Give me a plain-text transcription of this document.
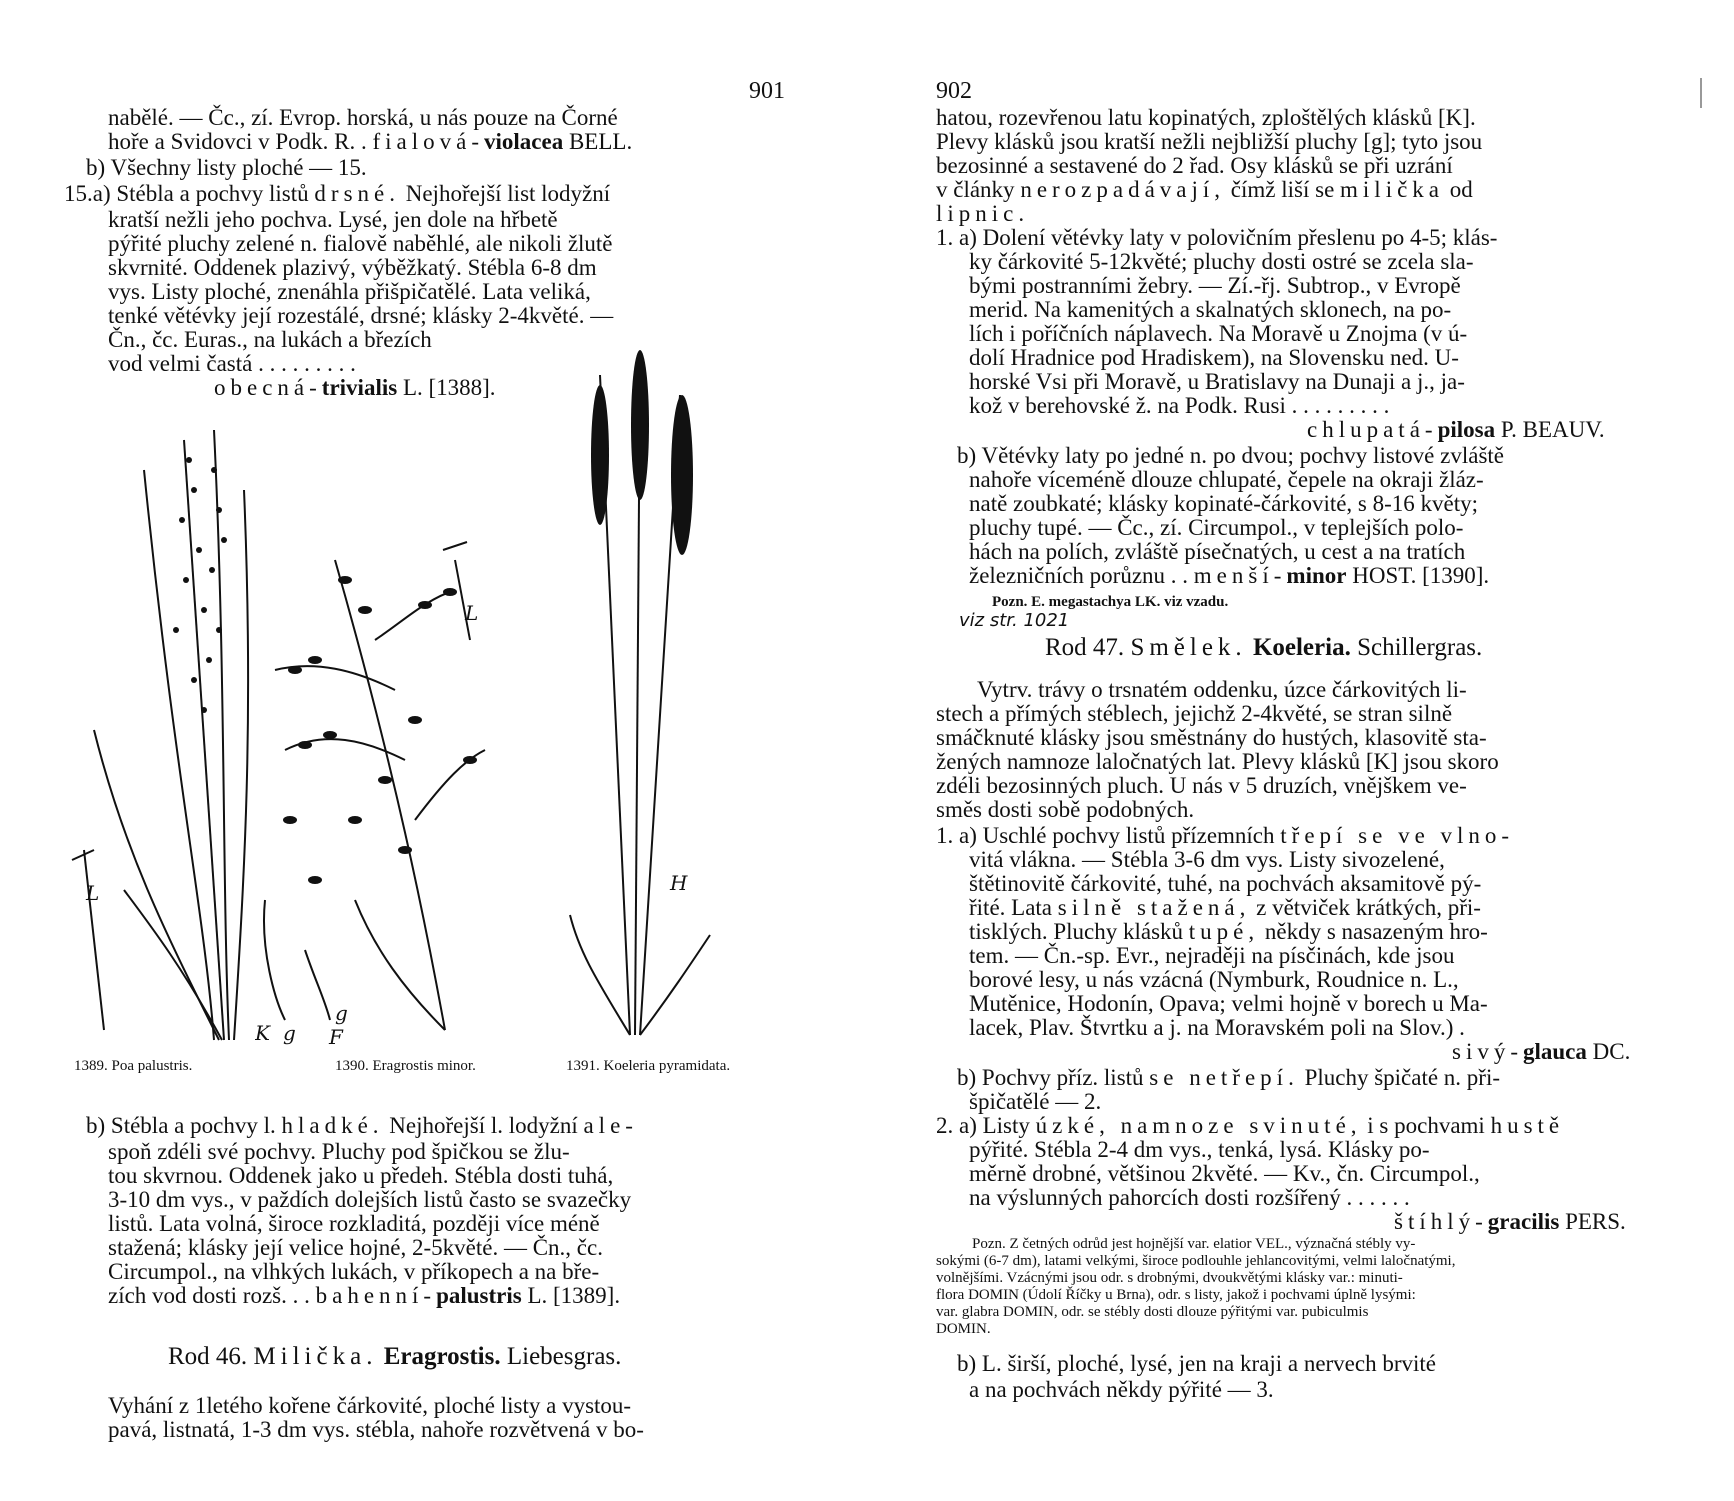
901
nabělé. — Čc., zí. Evrop. horská, u nás pouze na Čorné
hoře a Svidovci v Podk. R. . fialová-violacea BELL.
b) Všechny listy ploché — 15.
15.a) Stébla a pochvy listů drsné. Nejhořejší list lodyžní
kratší nežli jeho pochva. Lysé, jen dole na hřbetě
pýřité pluchy zelené n. fialově naběhlé, ale nikoli žlutě
skvrnité. Oddenek plazivý, výběžkatý. Stébla 6-8 dm
vys. Listy ploché, znenáhla přišpičatělé. Lata veliká,
tenké větévky její rozestálé, drsné; klásky 2-4květé. —
Čn., čc. Euras., na lukách a březích
vod velmi častá . . . . . . . . .
obecná-trivialis L. [1388].
L
L
K g
g
F
H
1389. Poa palustris.	1390. Eragrostis minor.	1391. Koeleria pyramidata.
b) Stébla a pochvy l. hladké. Nejhořejší l. lodyžní ale-
spoň zdéli své pochvy. Pluchy pod špičkou se žlu-
tou skvrnou. Oddenek jako u předeh. Stébla dosti tuhá,
3-10 dm vys., v paždích dolejších listů často se svazečky
listů. Lata volná, široce rozkladitá, později více méně
stažená; klásky její velice hojné, 2-5květé. — Čn., čc.
Circumpol., na vlhkých lukách, v příkopech a na bře-
zích vod dosti rozš. . . bahenní-palustris L. [1389].
Rod 46. Milička. Eragrostis. Liebesgras.
Vyhání z 1letého kořene čárkovité, ploché listy a vystou-
pavá, listnatá, 1-3 dm vys. stébla, nahoře rozvětvená v bo-
902
hatou, rozevřenou latu kopinatých, zploštělých klásků [K].
Plevy klásků jsou kratší nežli nejbližší pluchy [g]; tyto jsou
bezosinné a sestavené do 2 řad. Osy klásků se při uzrání
v články nerozpadávají, čímž liší se milička od
lipnic.
1. a) Dolení větévky laty v polovičním přeslenu po 4-5; klás-
ky čárkovité 5-12květé; pluchy dosti ostré se zcela sla-
bými postranními žebry. — Zí.-řj. Subtrop., v Evropě
merid. Na kamenitých a skalnatých sklonech, na po-
lích i poříčních náplavech. Na Moravě u Znojma (v ú-
dolí Hradnice pod Hradiskem), na Slovensku ned. U-
horské Vsi při Moravě, u Bratislavy na Dunaji a j., ja-
kož v berehovské ž. na Podk. Rusi . . . . . . . . .
chlupatá-pilosa P. BEAUV.
b) Větévky laty po jedné n. po dvou; pochvy listové zvláště
nahoře víceméně dlouze chlupaté, čepele na okraji žláz-
natě zoubkaté; klásky kopinaté-čárkovité, s 8-16 květy;
pluchy tupé. — Čc., zí. Circumpol., v teplejších polo-
hách na polích, zvláště písečnatých, u cest a na tratích
železničních porůznu . . menší-minor HOST. [1390].
Pozn. E. megastachya LK. viz vzadu.
viz str. 1021
Rod 47. Smělek. Koeleria. Schillergras.
Vytrv. trávy o trsnatém oddenku, úzce čárkovitých li-
stech a přímých stéblech, jejichž 2-4květé, se stran silně
smáčknuté klásky jsou směstnány do hustých, klasovitě sta-
žených namnoze laločnatých lat. Plevy klásků [K] jsou skoro
zdéli bezosinných pluch. U nás v 5 druzích, vnějškem ve-
směs dosti sobě podobných.
1. a) Uschlé pochvy listů přízemních třepí se ve vlno-
vitá vlákna. — Stébla 3-6 dm vys. Listy sivozelené,
štětinovitě čárkovité, tuhé, na pochvách aksamitově pý-
řité. Lata silně stažená, z větviček krátkých, při-
tisklých. Pluchy klásků tupé, někdy s nasazeným hro-
tem. — Čn.-sp. Evr., nejraději na písčinách, kde jsou
borové lesy, u nás vzácná (Nymburk, Roudnice n. L.,
Mutěnice, Hodonín, Opava; velmi hojně v borech u Ma-
lacek, Plav. Štvrtku a j. na Moravském poli na Slov.) .
sivý-glauca DC.
b) Pochvy příz. listů se netřepí. Pluchy špičaté n. při-
špičatělé — 2.
2. a) Listy úzké, namnoze svinuté, i s pochvami hustě
pýřité. Stébla 2-4 dm vys., tenká, lysá. Klásky po-
měrně drobné, většinou 2květé. — Kv., čn. Circumpol.,
na výslunných pahorcích dosti rozšířený . . . . . .
štíhlý-gracilis PERS.
Pozn. Z četných odrůd jest hojnější var. elatior VEL., význačná stébly vy-
sokými (6-7 dm), latami velkými, široce podlouhle jehlancovitými, velmi laločnatými,
volnějšími. Vzácnými jsou odr. s drobnými, dvoukvětými klásky var.: minuti-
flora DOMIN (Údolí Říčky u Brna), odr. s listy, jakož i pochvami úplně lysými:
var. glabra DOMIN, odr. se stébly dosti dlouze pýřitými var. pubiculmis
DOMIN.
b) L. širší, ploché, lysé, jen na kraji a nervech brvité
a na pochvách někdy pýřité — 3.
